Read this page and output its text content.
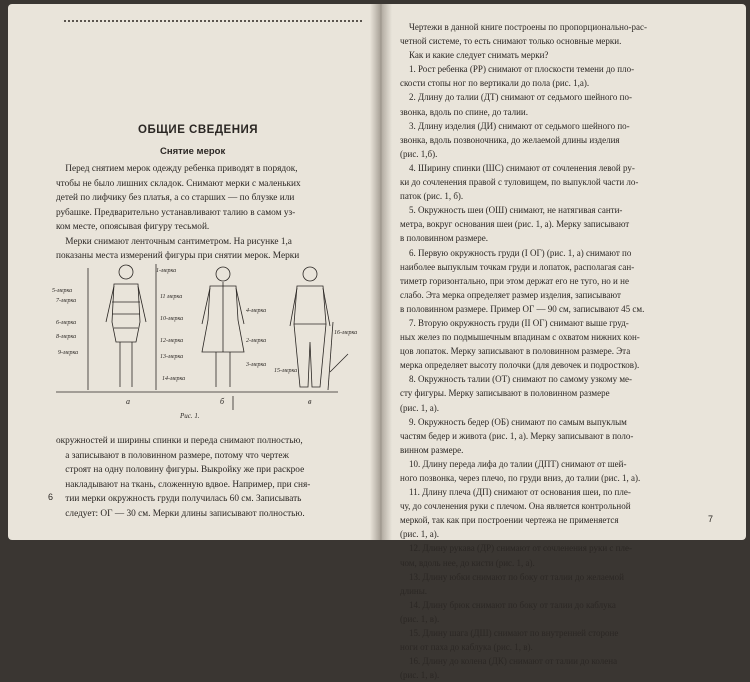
ОБЩИЕ СВЕДЕНИЯ
Снятие мерок
Перед снятием мерок одежду ребенка приводят в порядок,
чтобы не было лишних складок. Снимают мерки с маленьких
детей по лифчику без платья, а со старших — по блузке или
рубашке. Предварительно устанавливают талию в самом уз-
ком месте, опоясывая фигуру тесьмой.
Мерки снимают ленточным сантиметром. На рисунке 1,а
показаны места измерений фигуры при снятии мерок. Мерки
1-мерка
5-мерка
7-мерка
6-мерка
8-мерка
9-мерка
11 мерка
10-мерка
12-мерка
13-мерка
14-мерка
4-мерка
2-мерка
3-мерка
16-мерка
15-мерка
а	б	в
Рис. 1.
окружностей и ширины спинки и переда снимают полностью,
а записывают в половинном размере, потому что чертеж
строят на одну половину фигуры. Выкройку же при раскрое
накладывают на ткань, сложенную вдвое. Например, при сня-
тии мерки окружность груди получилась 60 см. Записывать
следует: ОГ — 30 см. Мерки длины записывают полностью.
6
Чертежи в данной книге построены по пропорционально-рас-
четной системе, то есть снимают только основные мерки.
Как и какие следует снимать мерки?
1. Рост ребенка (РР) снимают от плоскости темени до пло-
скости стопы ног по вертикали до пола (рис. 1,а).
2. Длину до талии (ДТ) снимают от седьмого шейного по-
звонка, вдоль по спине, до талии.
3. Длину изделия (ДИ) снимают от седьмого шейного по-
звонка, вдоль позвоночника, до желаемой длины изделия
(рис. 1,б).
4. Ширину спинки (ШС) снимают от сочленения левой ру-
ки до сочленения правой с туловищем, по выпуклой части ло-
паток (рис. 1, б).
5. Окружность шеи (ОШ) снимают, не натягивая санти-
метра, вокруг основания шеи (рис. 1, а). Мерку записывают
в половинном размере.
6. Первую окружность груди (I ОГ) (рис. 1, а) снимают по
наиболее выпуклым точкам груди и лопаток, располагая сан-
тиметр горизонтально, при этом держат его не туго, но и не
слабо. Эта мерка определяет размер изделия, записывают
в половинном размере. Пример ОГ — 90 см, записывают 45 см.
7. Вторую окружность груди (II ОГ) снимают выше груд-
ных желез по подмышечным впадинам с охватом нижних кон-
цов лопаток. Мерку записывают в половинном размере. Эта
мерка определяет высоту полочки (для девочек и подростков).
8. Окружность талии (ОТ) снимают по самому узкому ме-
сту фигуры. Мерку записывают в половинном размере
(рис. 1, а).
9. Окружность бедер (ОБ) снимают по самым выпуклым
частям бедер и живота (рис. 1, а). Мерку записывают в поло-
винном размере.
10. Длину переда лифа до талии (ДПТ) снимают от шей-
ного позвонка, через плечо, по груди вниз, до талии (рис. 1, а).
11. Длину плеча (ДП) снимают от основания шеи, по пле-
чу, до сочленения руки с плечом. Она является контрольной
меркой, так как при построении чертежа не применяется
(рис. 1, а).
12. Длину рукава (ДР) снимают от сочленения руки с пле-
чом, вдоль нее, до кисти (рис. 1, а).
13. Длину юбки снимают по боку от талии до желаемой
длины.
14. Длину брюк снимают по боку от талии до каблука
(рис. 1, в).
15. Длину шага (ДШ) снимают по внутренней стороне
ноги от паха до каблука (рис. 1, в).
16. Длину до колена (ДК) снимают от талии до колена
(рис. 1, в).
7
